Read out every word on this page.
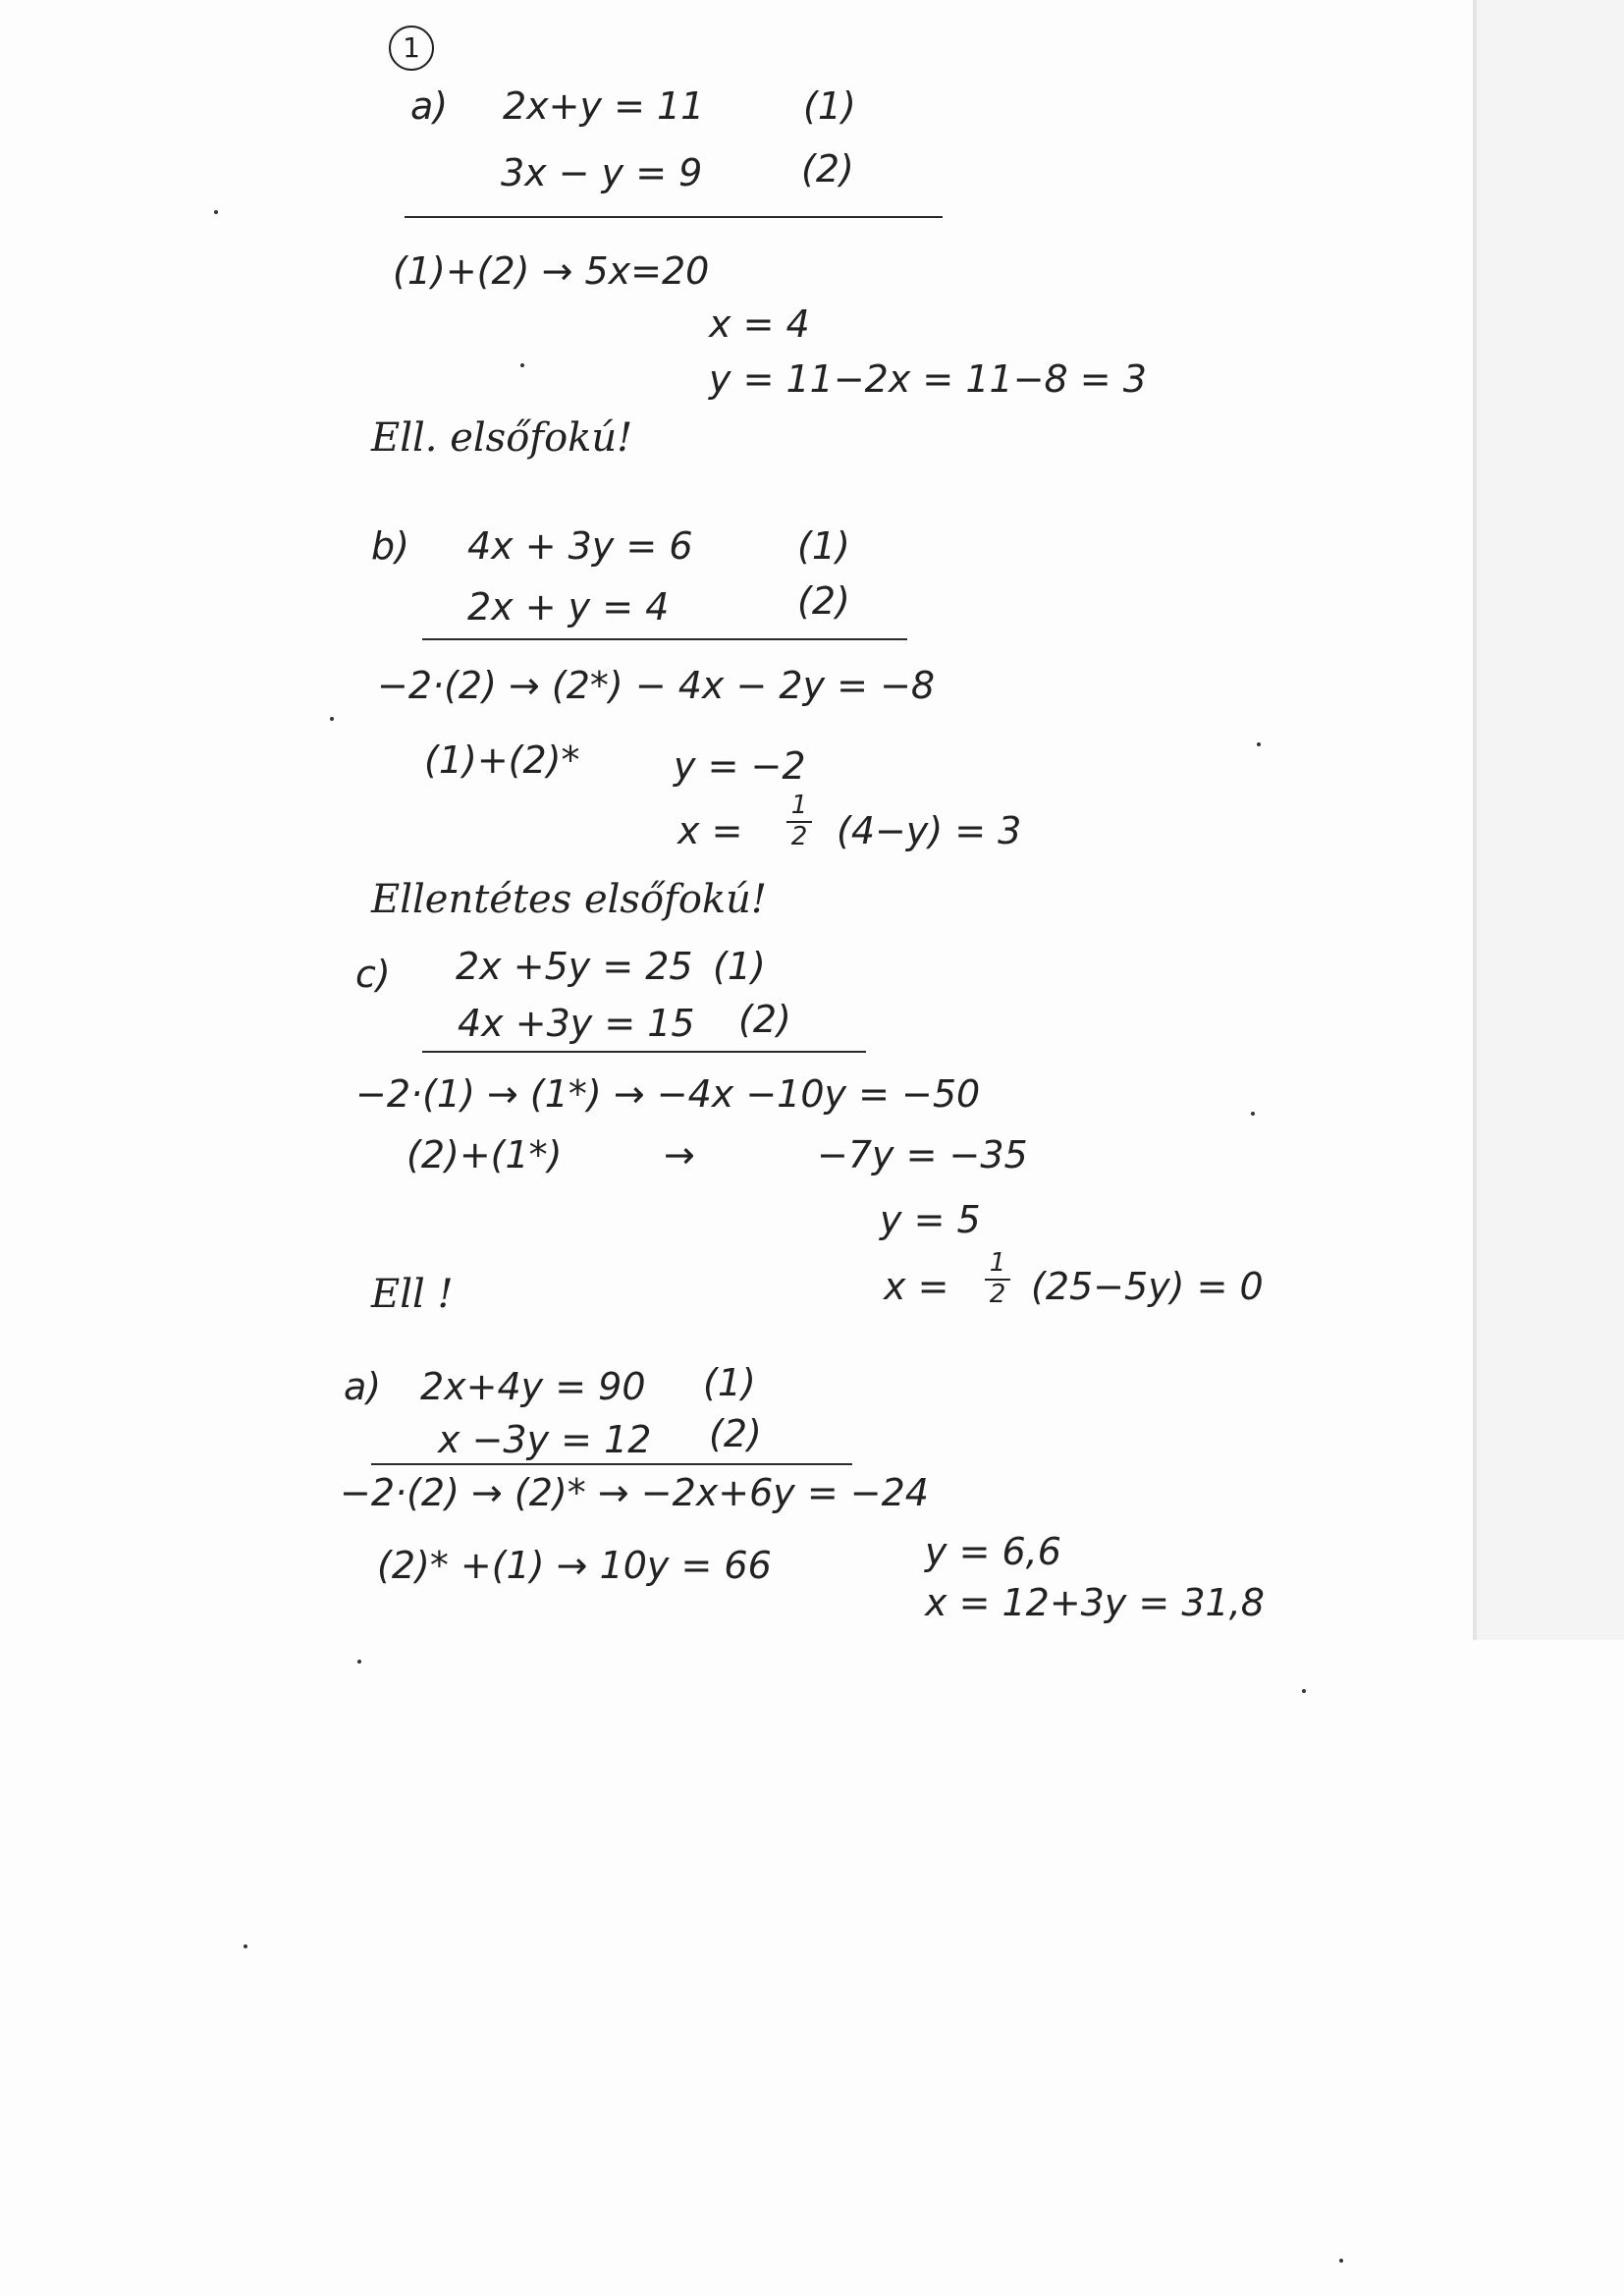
1
a) 2x+y = 11	(1)
3x − y = 9	(2)
(1)+(2) → 5x=20
x = 4
y = 11−2x = 11−8 = 3
Ell. elsőfokú!
b) 4x + 3y = 6	(1)
2x + y = 4	(2)
−2·(2) → (2*) − 4x − 2y = −8
(1)+(2)*	y = −2
x =
1
2 (4−y) = 3
Ellentétes elsőfokú!
c) 2x +5y = 25 (1)
4x +3y = 15 (2)
−2·(1) → (1*) → −4x −10y = −50
(2)+(1*)	→	−7y = −35
y = 5
Ell !	x =
1
2 (25−5y) = 0
a) 2x+4y = 90 (1)
x −3y = 12 (2)
−2·(2) → (2)* → −2x+6y = −24
(2)* +(1) → 10y = 66	y = 6,6
x = 12+3y = 31,8
